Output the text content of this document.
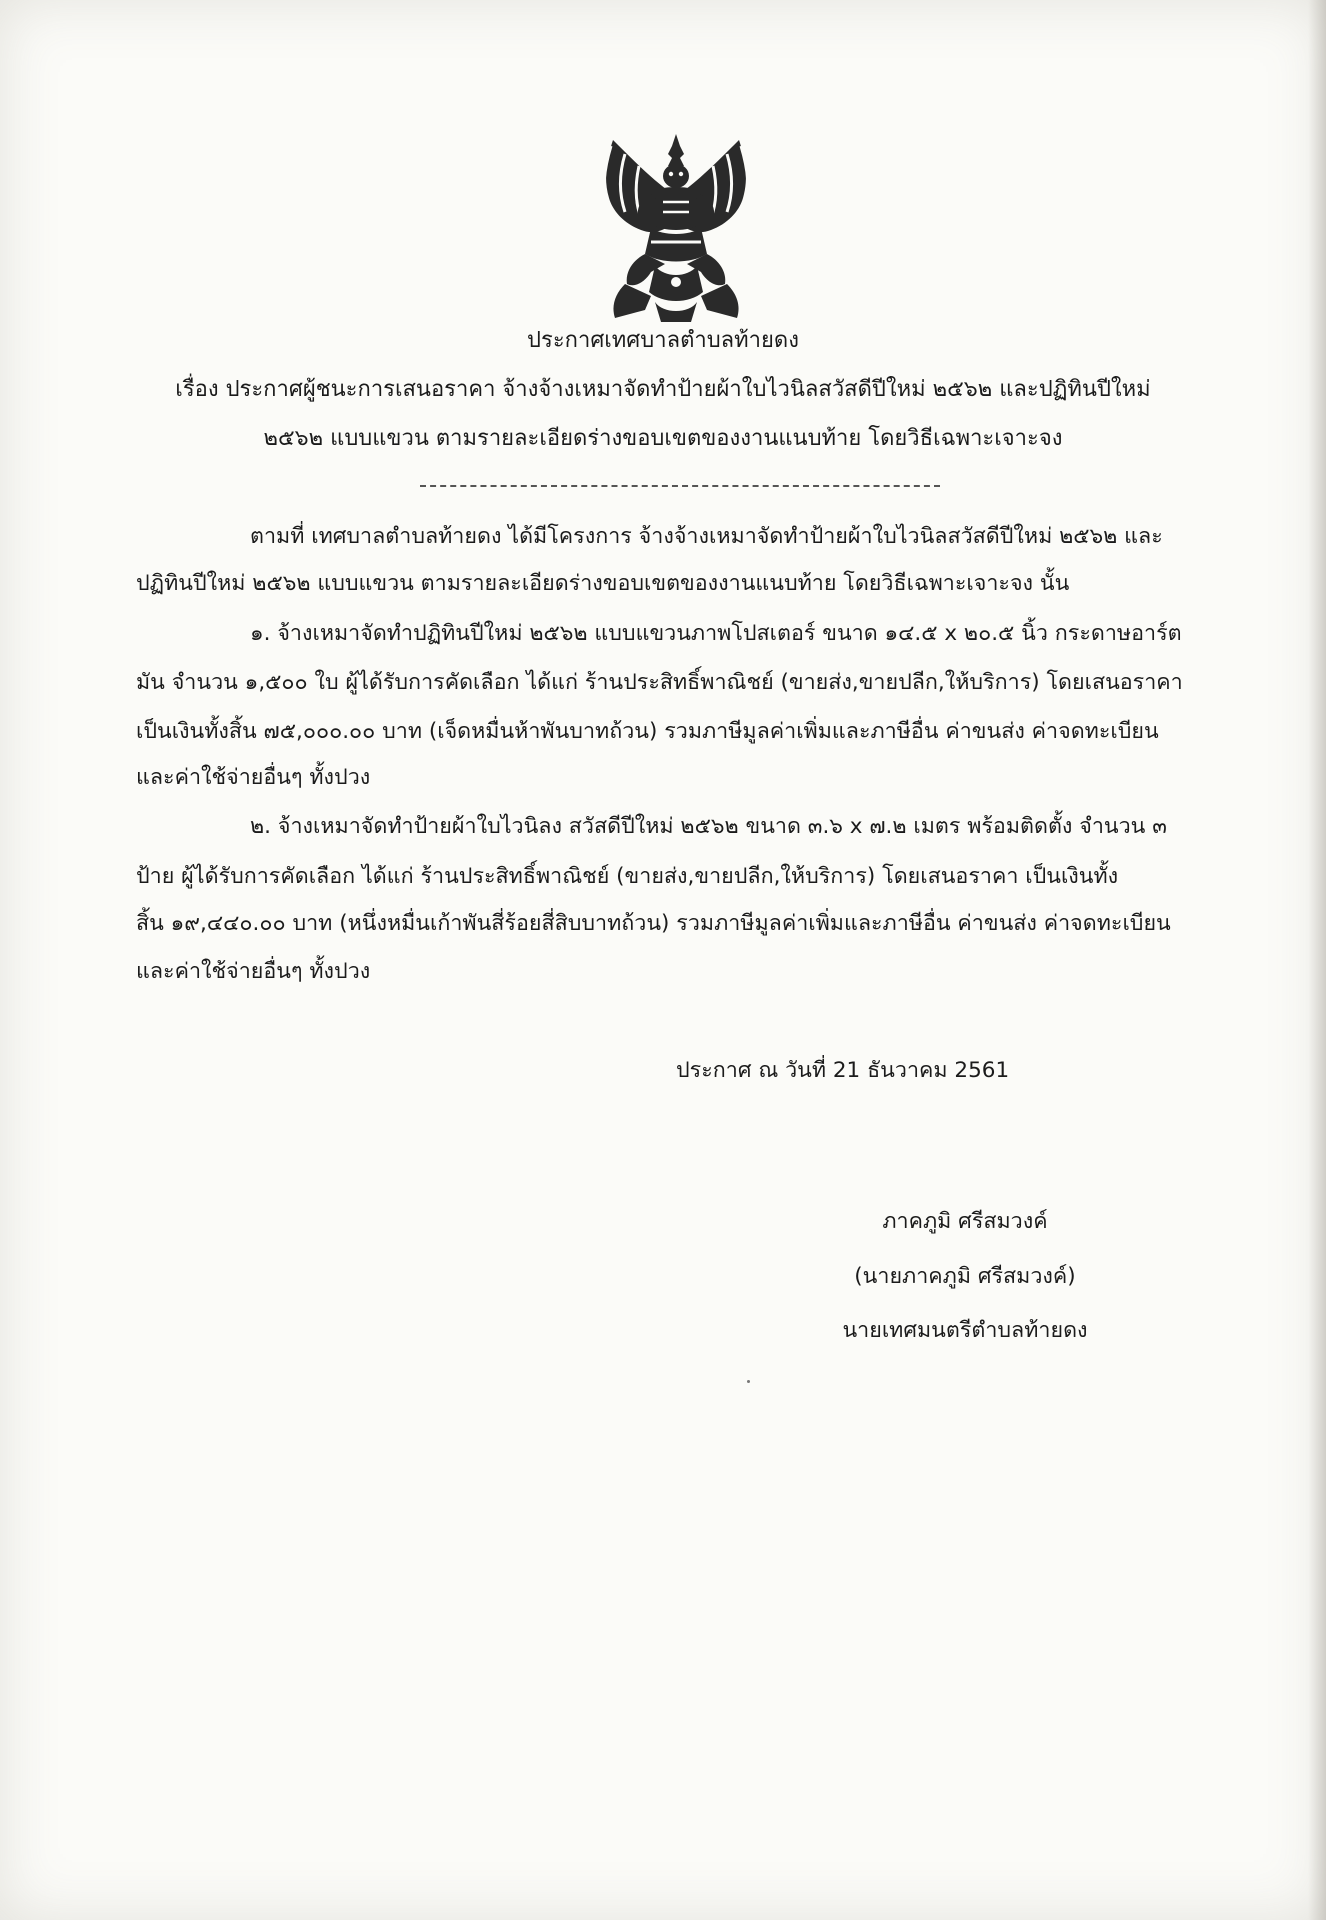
ประกาศเทศบาลตำบลท้ายดง
เรื่อง ประกาศผู้ชนะการเสนอราคา จ้างจ้างเหมาจัดทำป้ายผ้าใบไวนิลสวัสดีปีใหม่ ๒๕๖๒ และปฏิทินปีใหม่
๒๕๖๒ แบบแขวน ตามรายละเอียดร่างขอบเขตของงานแนบท้าย โดยวิธีเฉพาะเจาะจง
ตามที่ เทศบาลตำบลท้ายดง ได้มีโครงการ จ้างจ้างเหมาจัดทำป้ายผ้าใบไวนิลสวัสดีปีใหม่ ๒๕๖๒ และ
ปฏิทินปีใหม่ ๒๕๖๒ แบบแขวน ตามรายละเอียดร่างขอบเขตของงานแนบท้าย โดยวิธีเฉพาะเจาะจง นั้น
๑. จ้างเหมาจัดทำปฏิทินปีใหม่ ๒๕๖๒ แบบแขวนภาพโปสเตอร์ ขนาด ๑๔.๕ x ๒๐.๕ นิ้ว กระดาษอาร์ต
มัน จำนวน ๑,๕๐๐ ใบ ผู้ได้รับการคัดเลือก ได้แก่ ร้านประสิทธิ์พาณิชย์ (ขายส่ง,ขายปลีก,ให้บริการ) โดยเสนอราคา
เป็นเงินทั้งสิ้น ๗๕,๐๐๐.๐๐ บาท (เจ็ดหมื่นห้าพันบาทถ้วน) รวมภาษีมูลค่าเพิ่มและภาษีอื่น ค่าขนส่ง ค่าจดทะเบียน
และค่าใช้จ่ายอื่นๆ ทั้งปวง
๒. จ้างเหมาจัดทำป้ายผ้าใบไวนิลง สวัสดีปีใหม่ ๒๕๖๒ ขนาด ๓.๖ x ๗.๒ เมตร พร้อมติดตั้ง จำนวน ๓
ป้าย ผู้ได้รับการคัดเลือก ได้แก่ ร้านประสิทธิ์พาณิชย์ (ขายส่ง,ขายปลีก,ให้บริการ) โดยเสนอราคา เป็นเงินทั้ง
สิ้น ๑๙,๔๔๐.๐๐ บาท (หนึ่งหมื่นเก้าพันสี่ร้อยสี่สิบบาทถ้วน) รวมภาษีมูลค่าเพิ่มและภาษีอื่น ค่าขนส่ง ค่าจดทะเบียน
และค่าใช้จ่ายอื่นๆ ทั้งปวง
ประกาศ ณ วันที่ 21 ธันวาคม 2561
ภาคภูมิ ศรีสมวงค์
(นายภาคภูมิ ศรีสมวงค์)
นายเทศมนตรีตำบลท้ายดง
